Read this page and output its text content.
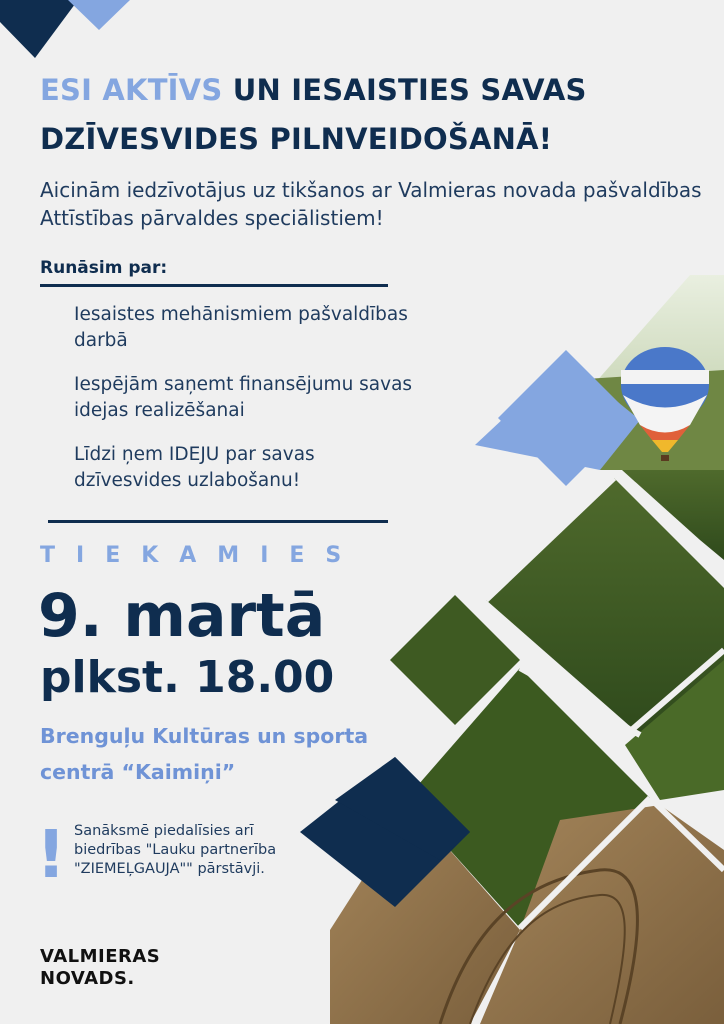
ESI AKTĪVS UN IESAISTIES SAVAS
DZĪVESVIDES PILNVEIDOŠANĀ!
Aicinām iedzīvotājus uz tikšanos ar Valmieras novada pašvaldības Attīstības pārvaldes speciālistiem!
Runāsim par:
Iesaistes mehānismiem pašvaldības darbā
Iespējām saņemt finansējumu savas idejas realizēšanai
Līdzi ņem IDEJU par savas dzīvesvides uzlabošanu!
TIEKAMIES
9. martā
plkst. 18.00
Brenguļu Kultūras un sporta centrā “Kaimiņi”
! Sanāksmē piedalīsies arī biedrības "Lauku partnerība "ZIEMEĻGAUJA"" pārstāvji.
VALMIERAS
NOVADS.
